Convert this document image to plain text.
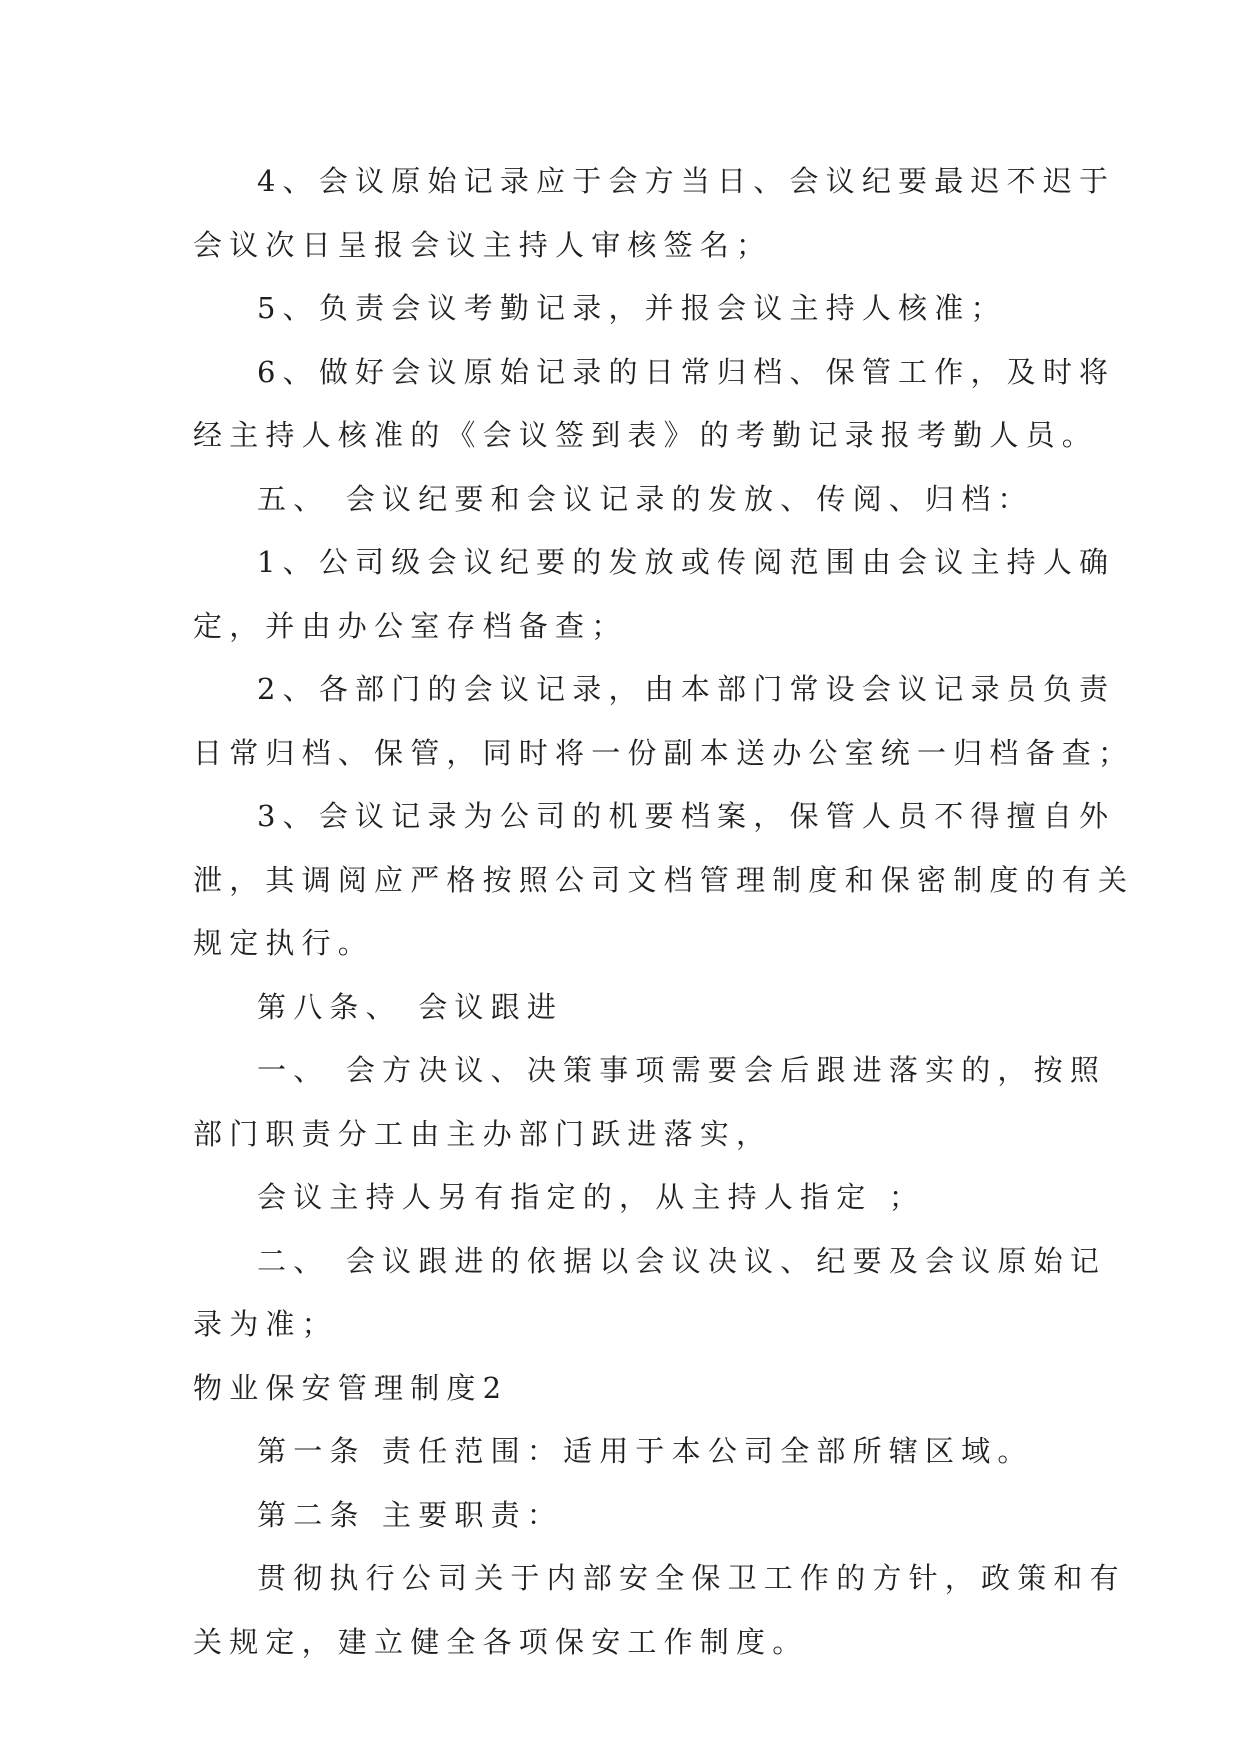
4、会议原始记录应于会方当日、会议纪要最迟不迟于

会议次日呈报会议主持人审核签名；

5、负责会议考勤记录，并报会议主持人核准；

6、做好会议原始记录的日常归档、保管工作，及时将

经主持人核准的《会议签到表》的考勤记录报考勤人员。

五、 会议纪要和会议记录的发放、传阅、归档：

1、公司级会议纪要的发放或传阅范围由会议主持人确

定，并由办公室存档备查；

2、各部门的会议记录，由本部门常设会议记录员负责

日常归档、保管，同时将一份副本送办公室统一归档备查；

3、会议记录为公司的机要档案，保管人员不得擅自外

泄，其调阅应严格按照公司文档管理制度和保密制度的有关

规定执行。

第八条、 会议跟进

一、 会方决议、决策事项需要会后跟进落实的，按照

部门职责分工由主办部门跃进落实，

会议主持人另有指定的，从主持人指定 ；

二、 会议跟进的依据以会议决议、纪要及会议原始记

录为准；

物业保安管理制度2

第一条 责任范围：适用于本公司全部所辖区域。

第二条 主要职责：

贯彻执行公司关于内部安全保卫工作的方针，政策和有

关规定，建立健全各项保安工作制度。
